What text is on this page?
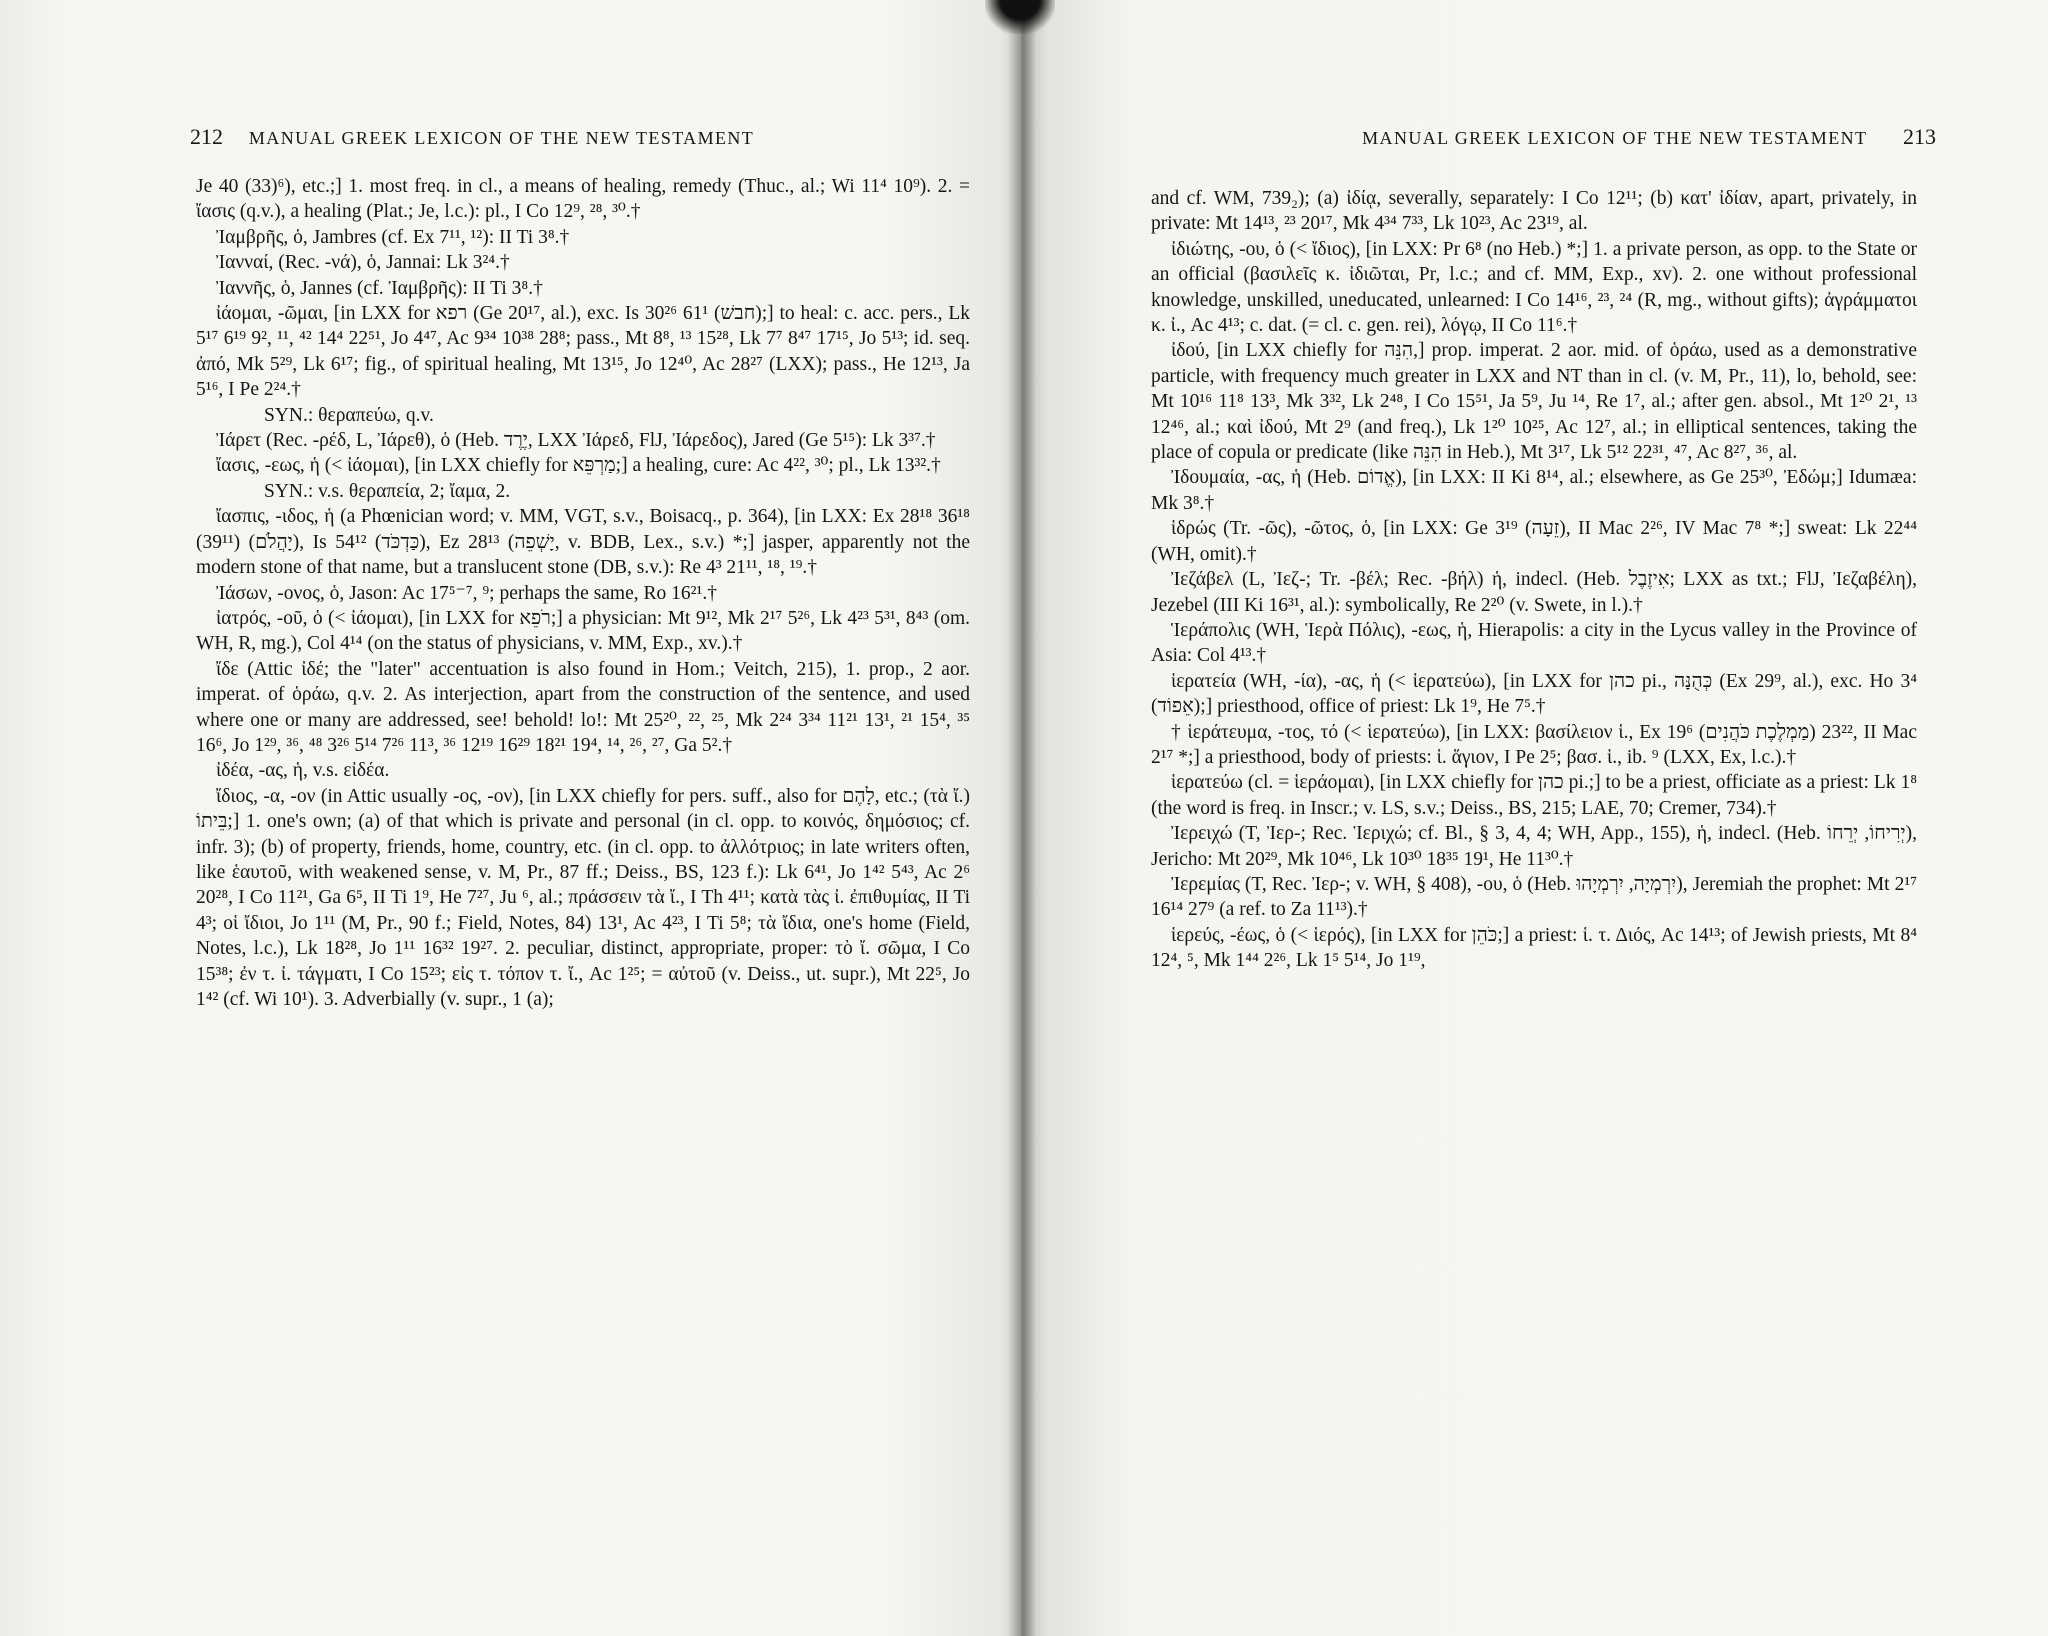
212 MANUAL GREEK LEXICON OF THE NEW TESTAMENT

Je 40 (33)⁶), etc.;] 1. most freq. in cl., a means of healing, remedy (Thuc., al.; Wi 11⁴ 10⁹). 2. = ἴασις (q.v.), a healing (Plat.; Je, l.c.): pl., I Co 12⁹, ²⁸, ³⁰.†

Ἰαμβρῆς, ὁ, Jambres (cf. Ex 7¹¹, ¹²): II Ti 3⁸.†

Ἰανναί, (Rec. -νά), ὁ, Jannai: Lk 3²⁴.†

Ἰαννῆς, ὁ, Jannes (cf. Ἰαμβρῆς): II Ti 3⁸.†

ἰάομαι, -ῶμαι, [in LXX for רפא (Ge 20¹⁷, al.), exc. Is 30²⁶ 61¹ (חבשׁ);] to heal: c. acc. pers., Lk 5¹⁷ 6¹⁹ 9², ¹¹, ⁴² 14⁴ 22⁵¹, Jo 4⁴⁷, Ac 9³⁴ 10³⁸ 28⁸; pass., Mt 8⁸, ¹³ 15²⁸, Lk 7⁷ 8⁴⁷ 17¹⁵, Jo 5¹³; id. seq. ἀπό, Mk 5²⁹, Lk 6¹⁷; fig., of spiritual healing, Mt 13¹⁵, Jo 12⁴⁰, Ac 28²⁷ (LXX); pass., He 12¹³, Ja 5¹⁶, I Pe 2²⁴.†

SYN.: θεραπεύω, q.v.

Ἰάρετ (Rec. -ρέδ, L, Ἰάρεθ), ὁ (Heb. יֶרֶד, LXX Ἰάρεδ, FlJ, Ἰάρεδος), Jared (Ge 5¹⁵): Lk 3³⁷.†

ἴασις, -εως, ἡ (< ἰάομαι), [in LXX chiefly for מַרְפֵּא;] a healing, cure: Ac 4²², ³⁰; pl., Lk 13³².†

SYN.: v.s. θεραπεία, 2; ἴαμα, 2.

ἴασπις, -ιδος, ἡ (a Phœnician word; v. MM, VGT, s.v., Boisacq., p. 364), [in LXX: Ex 28¹⁸ 36¹⁸ (39¹¹) (יָהֲלֹם), Is 54¹² (כַּדְכֹּד), Ez 28¹³ (יָשְׁפֵה, v. BDB, Lex., s.v.) *;] jasper, apparently not the modern stone of that name, but a translucent stone (DB, s.v.): Re 4³ 21¹¹, ¹⁸, ¹⁹.†

Ἰάσων, -ονος, ὁ, Jason: Ac 17⁵⁻⁷, ⁹; perhaps the same, Ro 16²¹.†

ἰατρός, -οῦ, ὁ (< ἰάομαι), [in LXX for רֹפֵא;] a physician: Mt 9¹², Mk 2¹⁷ 5²⁶, Lk 4²³ 5³¹, 8⁴³ (om. WH, R, mg.), Col 4¹⁴ (on the status of physicians, v. MM, Exp., xv.).†

ἴδε (Attic ἰδέ; the "later" accentuation is also found in Hom.; Veitch, 215), 1. prop., 2 aor. imperat. of ὁράω, q.v. 2. As interjection, apart from the construction of the sentence, and used where one or many are addressed, see! behold! lo!: Mt 25²⁰, ²², ²⁵, Mk 2²⁴ 3³⁴ 11²¹ 13¹, ²¹ 15⁴, ³⁵ 16⁶, Jo 1²⁹, ³⁶, ⁴⁸ 3²⁶ 5¹⁴ 7²⁶ 11³, ³⁶ 12¹⁹ 16²⁹ 18²¹ 19⁴, ¹⁴, ²⁶, ²⁷, Ga 5².†

ἰδέα, -ας, ἡ, v.s. εἰδέα.

ἴδιος, -α, -ον (in Attic usually -ος, -ον), [in LXX chiefly for pers. suff., also for לָהֶם, etc.; (τὰ ἴ.) בֵּיתוֹ;] 1. one's own; (a) of that which is private and personal (in cl. opp. to κοινός, δημόσιος; cf. infr. 3); (b) of property, friends, home, country, etc. (in cl. opp. to ἀλλότριος; in late writers often, like ἑαυτοῦ, with weakened sense, v. M, Pr., 87 ff.; Deiss., BS, 123 f.): Lk 6⁴¹, Jo 1⁴² 5⁴³, Ac 2⁶ 20²⁸, I Co 11²¹, Ga 6⁵, II Ti 1⁹, He 7²⁷, Ju ⁶, al.; πράσσειν τὰ ἴ., I Th 4¹¹; κατὰ τὰς ἰ. ἐπιθυμίας, II Ti 4³; οἱ ἴδιοι, Jo 1¹¹ (M, Pr., 90 f.; Field, Notes, 84) 13¹, Ac 4²³, I Ti 5⁸; τὰ ἴδια, one's home (Field, Notes, l.c.), Lk 18²⁸, Jo 1¹¹ 16³² 19²⁷. 2. peculiar, distinct, appropriate, proper: τὸ ἴ. σῶμα, I Co 15³⁸; ἐν τ. ἰ. τάγματι, I Co 15²³; εἰς τ. τόπον τ. ἴ., Ac 1²⁵; = αὐτοῦ (v. Deiss., ut. supr.), Mt 22⁵, Jo 1⁴² (cf. Wi 10¹). 3. Adverbially (v. supr., 1 (a);

MANUAL GREEK LEXICON OF THE NEW TESTAMENT 213

and cf. WM, 739₂); (a) ἰδίᾳ, severally, separately: I Co 12¹¹; (b) κατ' ἰδίαν, apart, privately, in private: Mt 14¹³, ²³ 20¹⁷, Mk 4³⁴ 7³³, Lk 10²³, Ac 23¹⁹, al.

ἰδιώτης, -ου, ὁ (< ἴδιος), [in LXX: Pr 6⁸ (no Heb.) *;] 1. a private person, as opp. to the State or an official (βασιλεῖς κ. ἰδιῶται, Pr, l.c.; and cf. MM, Exp., xv). 2. one without professional knowledge, unskilled, uneducated, unlearned: I Co 14¹⁶, ²³, ²⁴ (R, mg., without gifts); ἀγράμματοι κ. ἰ., Ac 4¹³; c. dat. (= cl. c. gen. rei), λόγῳ, II Co 11⁶.†

ἰδού, [in LXX chiefly for הִנֵּה,] prop. imperat. 2 aor. mid. of ὁράω, used as a demonstrative particle, with frequency much greater in LXX and NT than in cl. (v. M, Pr., 11), lo, behold, see: Mt 10¹⁶ 11⁸ 13³, Mk 3³², Lk 2⁴⁸, I Co 15⁵¹, Ja 5⁹, Ju ¹⁴, Re 1⁷, al.; after gen. absol., Mt 1²⁰ 2¹, ¹³ 12⁴⁶, al.; καὶ ἰδού, Mt 2⁹ (and freq.), Lk 1²⁰ 10²⁵, Ac 12⁷, al.; in elliptical sentences, taking the place of copula or predicate (like הִנֵּה in Heb.), Mt 3¹⁷, Lk 5¹² 22³¹, ⁴⁷, Ac 8²⁷, ³⁶, al.

Ἰδουμαία, -ας, ἡ (Heb. אֱדוֹם), [in LXX: II Ki 8¹⁴, al.; elsewhere, as Ge 25³⁰, Ἐδώμ;] Idumæa: Mk 3⁸.†

ἱδρώς (Tr. -ῶς), -ῶτος, ὁ, [in LXX: Ge 3¹⁹ (זֵעָה), II Mac 2²⁶, IV Mac 7⁸ *;] sweat: Lk 22⁴⁴ (WH, omit).†

Ἰεζάβελ (L, Ἰεζ-; Tr. -βέλ; Rec. -βήλ) ἡ, indecl. (Heb. אִיזֶבֶל; LXX as txt.; FlJ, Ἰεζαβέλη), Jezebel (III Ki 16³¹, al.): symbolically, Re 2²⁰ (v. Swete, in l.).†

Ἱεράπολις (WH, Ἱερὰ Πόλις), -εως, ἡ, Hierapolis: a city in the Lycus valley in the Province of Asia: Col 4¹³.†

ἱερατεία (WH, -ία), -ας, ἡ (< ἱερατεύω), [in LXX for כהן pi., כְּהֻנָּה (Ex 29⁹, al.), exc. Ho 3⁴ (אֵפוֹד);] priesthood, office of priest: Lk 1⁹, He 7⁵.†

† ἱεράτευμα, -τος, τό (< ἱερατεύω), [in LXX: βασίλειον ἱ., Ex 19⁶ (מַמְלֶכֶת כֹּהֲנִים) 23²², II Mac 2¹⁷ *;] a priesthood, body of priests: ἱ. ἅγιον, I Pe 2⁵; βασ. ἱ., ib. ⁹ (LXX, Ex, l.c.).†

ἱερατεύω (cl. = ἱεράομαι), [in LXX chiefly for כהן pi.;] to be a priest, officiate as a priest: Lk 1⁸ (the word is freq. in Inscr.; v. LS, s.v.; Deiss., BS, 215; LAE, 70; Cremer, 734).†

Ἰερειχώ (T, Ἰερ-; Rec. Ἱεριχώ; cf. Bl., § 3, 4, 4; WH, App., 155), ἡ, indecl. (Heb. יְרִיחוֹ, יְרֵחוֹ), Jericho: Mt 20²⁹, Mk 10⁴⁶, Lk 10³⁰ 18³⁵ 19¹, He 11³⁰.†

Ἰερεμίας (T, Rec. Ἰερ-; v. WH, § 408), -ου, ὁ (Heb. יִרְמְיָה, יִרְמְיָהוּ), Jeremiah the prophet: Mt 2¹⁷ 16¹⁴ 27⁹ (a ref. to Za 11¹³).†

ἱερεύς, -έως, ὁ (< ἱερός), [in LXX for כֹּהֵן;] a priest: ἱ. τ. Διός, Ac 14¹³; of Jewish priests, Mt 8⁴ 12⁴, ⁵, Mk 1⁴⁴ 2²⁶, Lk 1⁵ 5¹⁴, Jo 1¹⁹,
